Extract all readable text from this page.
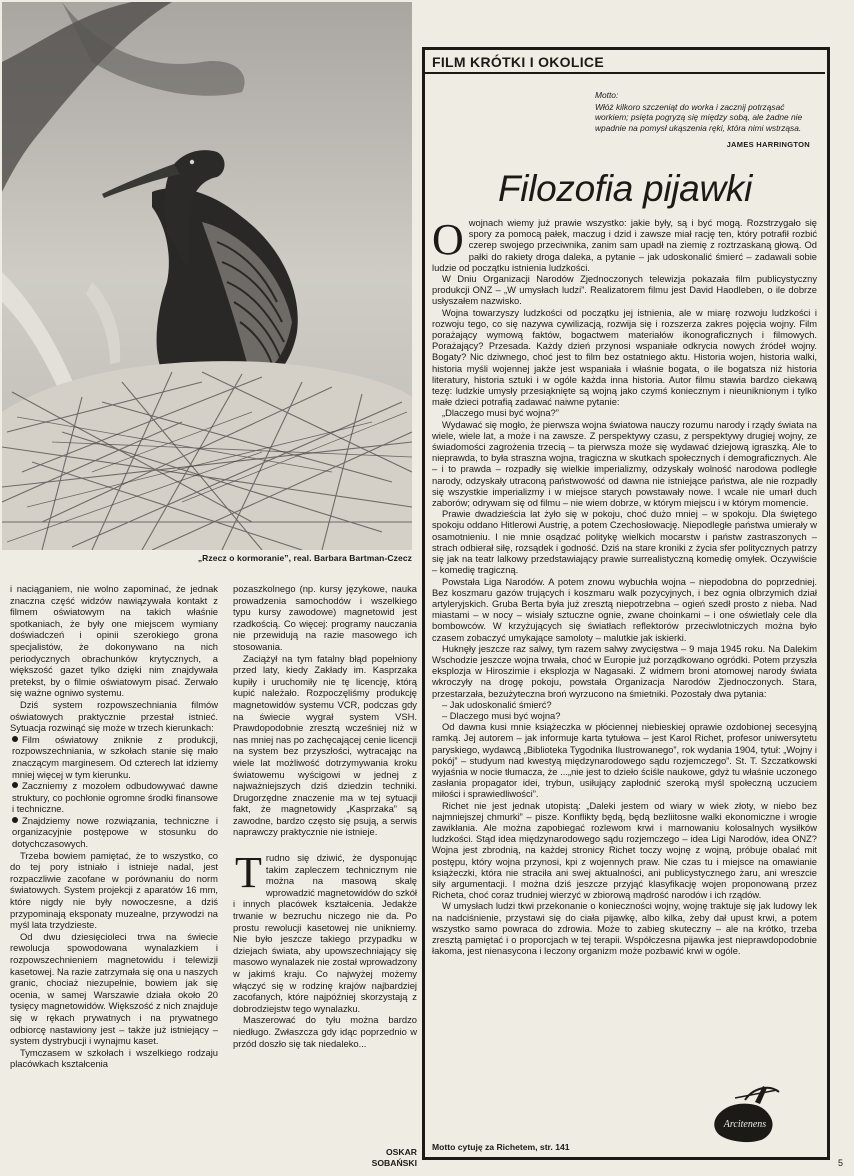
„Rzecz o kormoranie”, real. Barbara Bartman-Czecz

i naciąganiem, nie wolno zapominać, że jednak znaczna część widzów nawiązywała kontakt z filmem oświatowym na takich właśnie spotkaniach, że były one miejscem wymiany doświadczeń i opinii szerokiego grona specjalistów, że dokonywano na nich periodycznych obrachunków krytycznych, a większość gazet tylko dzięki nim znajdywała pretekst, by o filmie oświatowym pisać. Zerwało się ważne ogniwo systemu.

Dziś system rozpowszechniania filmów oświatowych praktycznie przestał istnieć. Sytuacja rozwinąć się może w trzech kierunkach:

Film oświatowy zniknie z produkcji, rozpowszechniania, w szkołach stanie się mało znaczącym marginesem. Od czterech lat idziemy mniej więcej w tym kierunku.

Zaczniemy z mozołem odbudowywać dawne struktury, co pochłonie ogromne środki finansowe i techniczne.

Znajdziemy nowe rozwiązania, techniczne i organizacyjnie postępowe w stosunku do dotychczasowych.

Trzeba bowiem pamiętać, że to wszystko, co do tej pory istniało i istnieje nadal, jest rozpaczliwie zacofane w porównaniu do norm światowych. System projekcji z aparatów 16 mm, które nigdy nie były nowoczesne, a dziś przypominają eksponaty muzealne, przywodzi na myśl lata trzydzieste.

Od dwu dziesięcioleci trwa na świecie rewolucja spowodowana wynalazkiem i rozpowszechnieniem magnetowidu i telewizji kasetowej. Na razie zatrzymała się ona u naszych granic, chociaż niezupełnie, bowiem jak się ocenia, w samej Warszawie działa około 20 tysięcy magnetowidów. Większość z nich znajduje się w rękach prywatnych i na prywatnego odbiorcę nastawiony jest – także już istniejący – system dystrybucji i wynajmu kaset.

Tymczasem w szkołach i wszelkiego rodzaju placówkach kształcenia

pozaszkolnego (np. kursy językowe, nauka prowadzenia samochodów i wszelkiego typu kursy zawodowe) magnetowid jest rzadkością. Co więcej: programy nauczania nie przewidują na razie masowego ich stosowania.

Zaciążył na tym fatalny błąd popełniony przed laty, kiedy Zakłady im. Kasprzaka kupiły i uruchomiły nie tę licencję, którą kupić należało. Rozpoczęliśmy produkcję magnetowidów systemu VCR, podczas gdy na świecie wygrał system VSH. Prawdopodobnie zresztą wcześniej niż w nas mniej nas po zachęcającej cenie licencji na system bez przyszłości, wytracając na wiele lat możliwość dotrzymywania kroku światowemu wyścigowi w jednej z najważniejszych dziś dziedzin techniki. Drugorzędne znaczenie ma w tej sytuacji fakt, że magnetowidy „Kasprzaka” są zawodne, bardzo często się psują, a serwis naprawczy praktycznie nie istnieje.

Trudno się dziwić, że dysponując takim zapleczem technicznym nie można na masową skalę wprowadzić magnetowidów do szkół i innych placówek kształcenia. Jedakże trwanie w bezruchu niczego nie da. Po prostu rewolucji kasetowej nie unikniemy. Nie było jeszcze takiego przypadku w dziejach świata, aby upowszechniający się masowo wynalazek nie został wprowadzony w jakimś kraju. Co najwyżej możemy włączyć się w rodzinę krajów najbardziej zacofanych, które najpóźniej skorzystają z dobrodziejstw tego wynalazku.

Maszerować do tyłu można bardzo niedługo. Zwłaszcza gdy idąc poprzednio w przód doszło się tak niedaleko...

OSKAR
SOBAŃSKI
FILM KRÓTKI I OKOLICE
Motto:
Włóż kilkoro szczeniąt do worka i zacznij potrząsać workiem; psięta pogryzą się między sobą, ale żadne nie wpadnie na pomysł ukąszenia ręki, która nimi wstrząsa.
JAMES HARRINGTON
Filozofia pijawki

Owojnach wiemy już prawie wszystko: jakie były, są i być mogą. Rozstrzygało się spory za pomocą pałek, maczug i dzid i zawsze miał rację ten, który potrafił rozbić czerep swojego przeciwnika, zanim sam upadł na ziemię z roztrzaskaną głową. Od pałki do rakiety droga daleka, a pytanie – jak udoskonalić śmierć – zadawali sobie ludzie od początku istnienia ludzkości.

W Dniu Organizacji Narodów Zjednoczonych telewizja pokazała film publicystyczny produkcji ONZ – „W umysłach ludzi”. Realizatorem filmu jest David Haodleben, o ile dobrze usłyszałem nazwisko.

Wojna towarzyszy ludzkości od początku jej istnienia, ale w miarę rozwoju ludzkości i rozwoju tego, co się nazywa cywilizacją, rozwija się i rozszerza zakres pojęcia wojny. Film porażający wymową faktów, bogactwem materiałów ikonograficznych i filmowych. Porażający? Przesada. Każdy dzień przynosi wspaniałe odkrycia nowych źródeł wojny. Bogaty? Nic dziwnego, choć jest to film bez ostatniego aktu. Historia wojen, historia walki, historia myśli wojennej jakże jest wspaniała i właśnie bogata, o ile bogatsza niż historia literatury, historia sztuki i w ogóle każda inna historia. Autor filmu stawia bardzo ciekawą tezę: ludzkie umysły przesiąknięte są wojną jako czymś koniecznym i nieuniknionym i tylko małe dzieci potrafią zadawać naiwne pytanie:

„Dlaczego musi być wojna?”

Wydawać się mogło, że pierwsza wojna światowa nauczy rozumu narody i rządy świata na wiele, wiele lat, a może i na zawsze. Z perspektywy czasu, z perspektywy drugiej wojny, ze świadomości zagrożenia trzecią – ta pierwsza może się wydawać dziejową igraszką. Ale to nieprawda, to była straszna wojna, tragiczna w skutkach społecznych i demograficznych. Ale – i to prawda – rozpadły się wielkie imperializmy, odzyskały wolność narodowa podległe narody, odzyskały utraconą państwowość od dawna nie istniejące państwa, ale nie rozpadły się wszystkie imperializmy i w miejsce starych powstawały nowe. I wcale nie umarł duch zaborów; odrywam się od filmu – nie wiem dobrze, w którym miejscu i w którym momencie.

Prawie dwadzieścia lat żyło się w pokoju, choć dużo mniej – w spokoju. Dla świętego spokoju oddano Hitlerowi Austrię, a potem Czechosłowację. Niepodległe państwa umierały w osamotnieniu. I nie mnie osądzać politykę wielkich mocarstw i państw zastraszonych – strach odbierał siłę, rozsądek i godność. Dziś na stare kroniki z życia sfer politycznych patrzy się jak na teatr lalkowy przedstawiający prawie surrealistyczną komedię omyłek. Oczywiście – komedię tragiczną.

Powstała Liga Narodów. A potem znowu wybuchła wojna – niepodobna do poprzedniej. Bez koszmaru gazów trujących i koszmaru walk pozycyjnych, i bez ognia olbrzymich dział artyleryjskich. Gruba Berta była już zresztą niepotrzebna – ogień szedł prosto z nieba. Nad miastami – w nocy – wisiały sztuczne ognie, zwane choinkami – i one oświetlały cele dla bombowców. W krzyżujących się światłach reflektorów przeciwlotniczych można było czasem zobaczyć umykające samoloty – malutkie jak iskierki.

Huknęły jeszcze raz salwy, tym razem salwy zwycięstwa – 9 maja 1945 roku. Na Dalekim Wschodzie jeszcze wojna trwała, choć w Europie już porządkowano ogródki. Potem przyszła eksplozja w Hiroszimie i eksplozja w Nagasaki. Z widmem broni atomowej narody świata wkroczyły na drogę pokoju, powstała Organizacja Narodów Zjednoczonych. Stara, przestarzała, bezużyteczna broń wyrzucono na śmietniki. Pozostały dwa pytania:

– Jak udoskonalić śmierć?

– Dlaczego musi być wojna?

Od dawna kusi mnie książeczka w płóciennej niebieskiej oprawie ozdobionej secesyjną ramką. Jej autorem – jak informuje karta tytułowa – jest Karol Richet, profesor uniwersytetu paryskiego, wydawcą „Biblioteka Tygodnika Ilustrowanego”, rok wydania 1904, tytuł: „Wojny i pokój” – studyum nad kwestyą międzynarodowego sądu rozjemczego”. St. T. Szczatkowski wyjaśnia w nocie tłumacza, że ...„nie jest to dzieło ściśle naukowe, gdyż tu właśnie uczonego zasłania propagator idei, trybun, usiłujący zapłodnić szeroką myśl społeczną uczuciem miłości i sprawiedliwości”.

Richet nie jest jednak utopistą: „Daleki jestem od wiary w wiek złoty, w niebo bez najmniejszej chmurki” – pisze. Konflikty będą, będą bezliitosne walki ekonomiczne i wrogie zawikłania. Ale można zapobiegać rozlewom krwi i marnowaniu kolosalnych wysiłków ludzkości. Stąd idea międzynarodowego sądu rozjemczego – idea Ligi Narodów, idea ONZ? Wojna jest zbrodnią, na każdej stronicy Richet toczy wojnę z wojną, próbuje obalać mit postępu, który wojna przynosi, kpi z wojennych praw. Nie czas tu i miejsce na omawianie książeczki, która nie straciła ani swej aktualności, ani publicystycznego żaru, ani wreszcie siły argumentacji. I można dziś jeszcze przyjąć klasyfikację wojen proponowaną przez Richeta, choć coraz trudniej wierzyć w zbiorową mądrość narodów i ich rządów.

W umysłach ludzi tkwi przekonanie o konieczności wojny, wojnę traktuje się jak ludowy lek na nadciśnienie, przystawi się do ciała pijawkę, albo kilka, żeby dał upust krwi, a potem wszystko samo powraca do zdrowia. Może to zabieg skuteczny – ale na krótko, trzeba zresztą pamiętać i o proporcjach w tej terapii. Współczesna pijawka jest nieprawdopodobnie łakoma, jest nienasycona i leczony organizm może pozbawić krwi w ogóle.

Motto cytuję za Richetem, str. 141
Arcitenens
5
